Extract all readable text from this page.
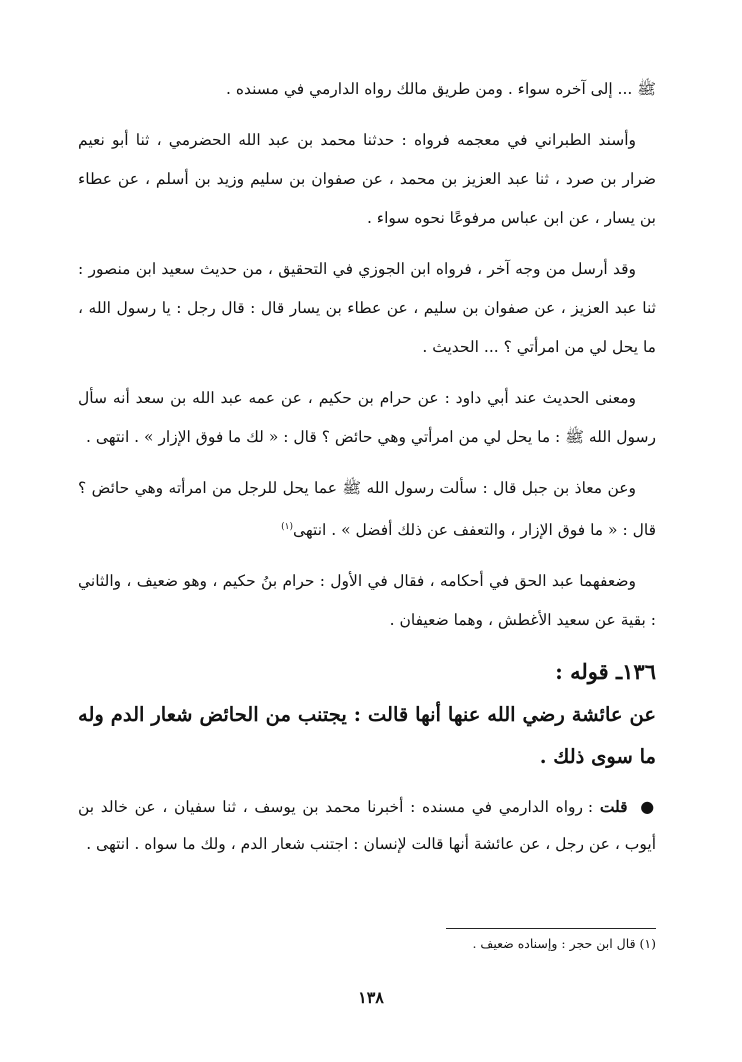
ﷺ ... إلى آخره سواء . ومن طريق مالك رواه الدارمي في مسنده .

وأسند الطبراني في معجمه فرواه : حدثنا محمد بن عبد الله الحضرمي ، ثنا أبو نعيم ضرار بن صرد ، ثنا عبد العزيز بن محمد ، عن صفوان بن سليم وزيد بن أسلم ، عن عطاء بن يسار ، عن ابن عباس مرفوعًا نحوه سواء .

وقد أرسل من وجه آخر ، فرواه ابن الجوزي في التحقيق ، من حديث سعيد ابن منصور : ثنا عبد العزيز ، عن صفوان بن سليم ، عن عطاء بن يسار قال : قال رجل : يا رسول الله ، ما يحل لي من امرأتي ؟ ... الحديث .

ومعنى الحديث عند أبي داود : عن حرام بن حكيم ، عن عمه عبد الله بن سعد أنه سأل رسول الله ﷺ : ما يحل لي من امرأتي وهي حائض ؟ قال : « لك ما فوق الإزار » . انتهى .

وعن معاذ بن جبل قال : سألت رسول الله ﷺ عما يحل للرجل من امرأته وهي حائض ؟ قال : « ما فوق الإزار ، والتعفف عن ذلك أفضل » . انتهى$^{(١)}$

وضعفهما عبد الحق في أحكامه ، فقال في الأول : حرام بنُ حكيم ، وهو ضعيف ، والثاني : بقية عن سعيد الأغطش ، وهما ضعيفان .

١٣٦ـ قوله :
عن عائشة رضي الله عنها أنها قالت : يجتنب من الحائض شعار الدم وله ما سوى ذلك .

● قلت : رواه الدارمي في مسنده : أخبرنا محمد بن يوسف ، ثنا سفيان ، عن خالد بن أيوب ، عن رجل ، عن عائشة أنها قالت لإنسان : اجتنب شعار الدم ، ولك ما سواه . انتهى .

(١) قال ابن حجر : وإسناده ضعيف .
١٣٨
